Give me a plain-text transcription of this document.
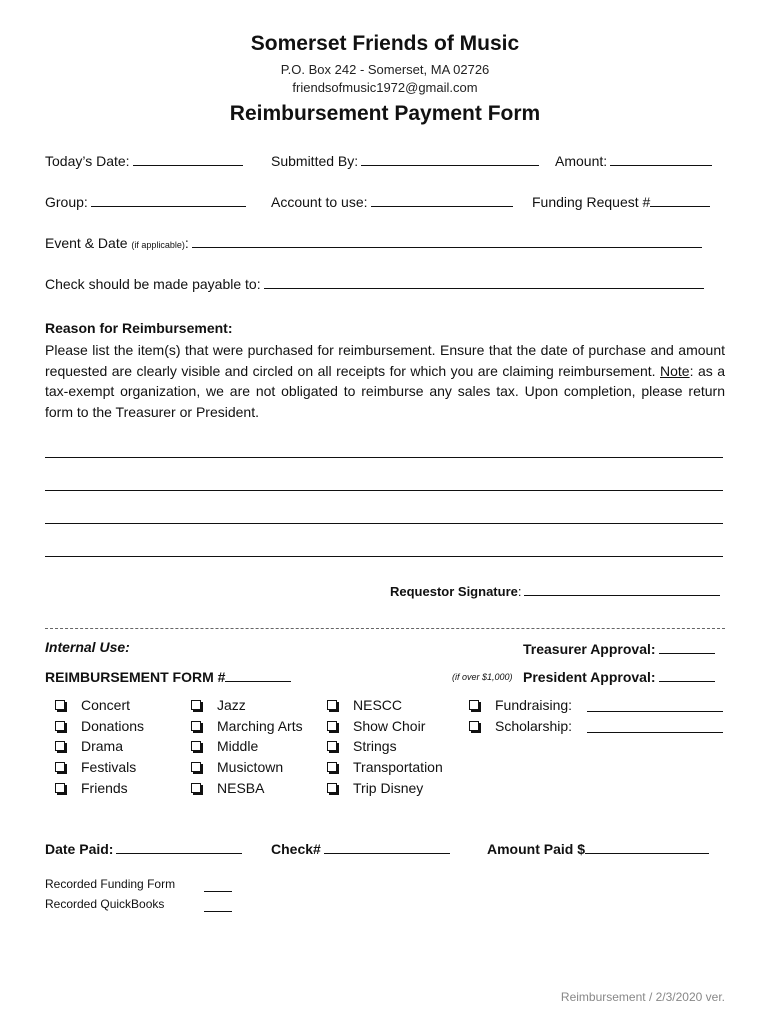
Somerset Friends of Music
P.O. Box 242 - Somerset, MA 02726
friendsofmusic1972@gmail.com
Reimbursement Payment Form
Today’s Date:	Submitted By:	Amount:
Group:	Account to use:	Funding Request #
Event & Date (if applicable):
Check should be made payable to:
Reason for Reimbursement:
Please list the item(s) that were purchased for reimbursement. Ensure that the date of purchase and amount requested are clearly visible and circled on all receipts for which you are claiming reimbursement. Note: as a tax-exempt organization, we are not obligated to reimburse any sales tax. Upon completion, please return form to the Treasurer or President.
Requestor Signature:
Internal Use:	Treasurer Approval:
REIMBURSEMENT FORM #	(if over $1,000) President Approval:
Concert
Donations
Drama
Festivals
Friends
Jazz
Marching Arts
Middle
Musictown
NESBA
NESCC
Show Choir
Strings
Transportation
Trip Disney
Fundraising:
Scholarship:
Date Paid:	Check#	Amount Paid $
Recorded Funding Form
Recorded QuickBooks
Reimbursement / 2/3/2020 ver.
